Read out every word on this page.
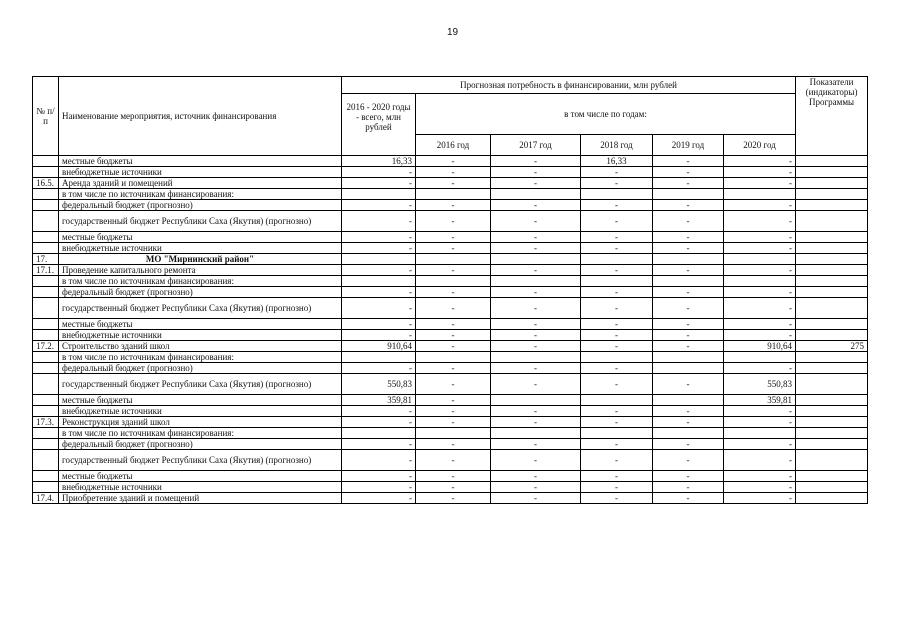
19
№ п/п	Наименование мероприятия, источник финансирования	Прогнозная потребность в финансировании, млн рублей						Показатели (индикаторы) Программы
		2016 - 2020 годы - всего, млн рублей	в том числе по годам:					
			2016 год	2017 год	2018 год	2019 год	2020 год	
	местные бюджеты	16,33	-	-	16,33	-	-	
	внебюджетные источники	-	-	-	-	-	-	
16.5.	Аренда зданий и помещений	-	-	-	-	-	-	
	в том числе по источникам финансирования:							
	федеральный бюджет (прогнозно)	-	-	-	-	-	-	
	государственный бюджет Республики Саха (Якутия) (прогнозно)	-	-	-	-	-	-	
	местные бюджеты	-	-	-	-	-	-	
	внебюджетные источники	-	-	-	-	-	-	
17.	МО "Мирнинский район"							
17.1.	Проведение капитального ремонта	-	-	-	-	-	-	
	в том числе по источникам финансирования:							
	федеральный бюджет (прогнозно)	-	-	-	-	-	-	
	государственный бюджет Республики Саха (Якутия) (прогнозно)	-	-	-	-	-	-	
	местные бюджеты	-	-	-	-	-	-	
	внебюджетные источники	-	-	-	-	-	-	
17.2.	Строительство зданий школ	910,64	-	-	-	-	910,64	275
	в том числе по источникам финансирования:							
	федеральный бюджет (прогнозно)	-	-	-	-		-	
	государственный бюджет Республики Саха (Якутия) (прогнозно)	550,83	-	-	-	-	550,83	
	местные бюджеты	359,81	-				359,81	
	внебюджетные источники	-	-	-	-	-	-	
17.3.	Реконструкция зданий школ	-	-	-	-	-	-	
	в том числе по источникам финансирования:							
	федеральный бюджет (прогнозно)	-	-	-	-	-	-	
	государственный бюджет Республики Саха (Якутия) (прогнозно)	-	-	-	-	-	-	
	местные бюджеты	-	-	-	-	-	-	
	внебюджетные источники	-	-	-	-	-	-	
17.4.	Приобретение зданий и помещений	-	-	-	-	-	-	
